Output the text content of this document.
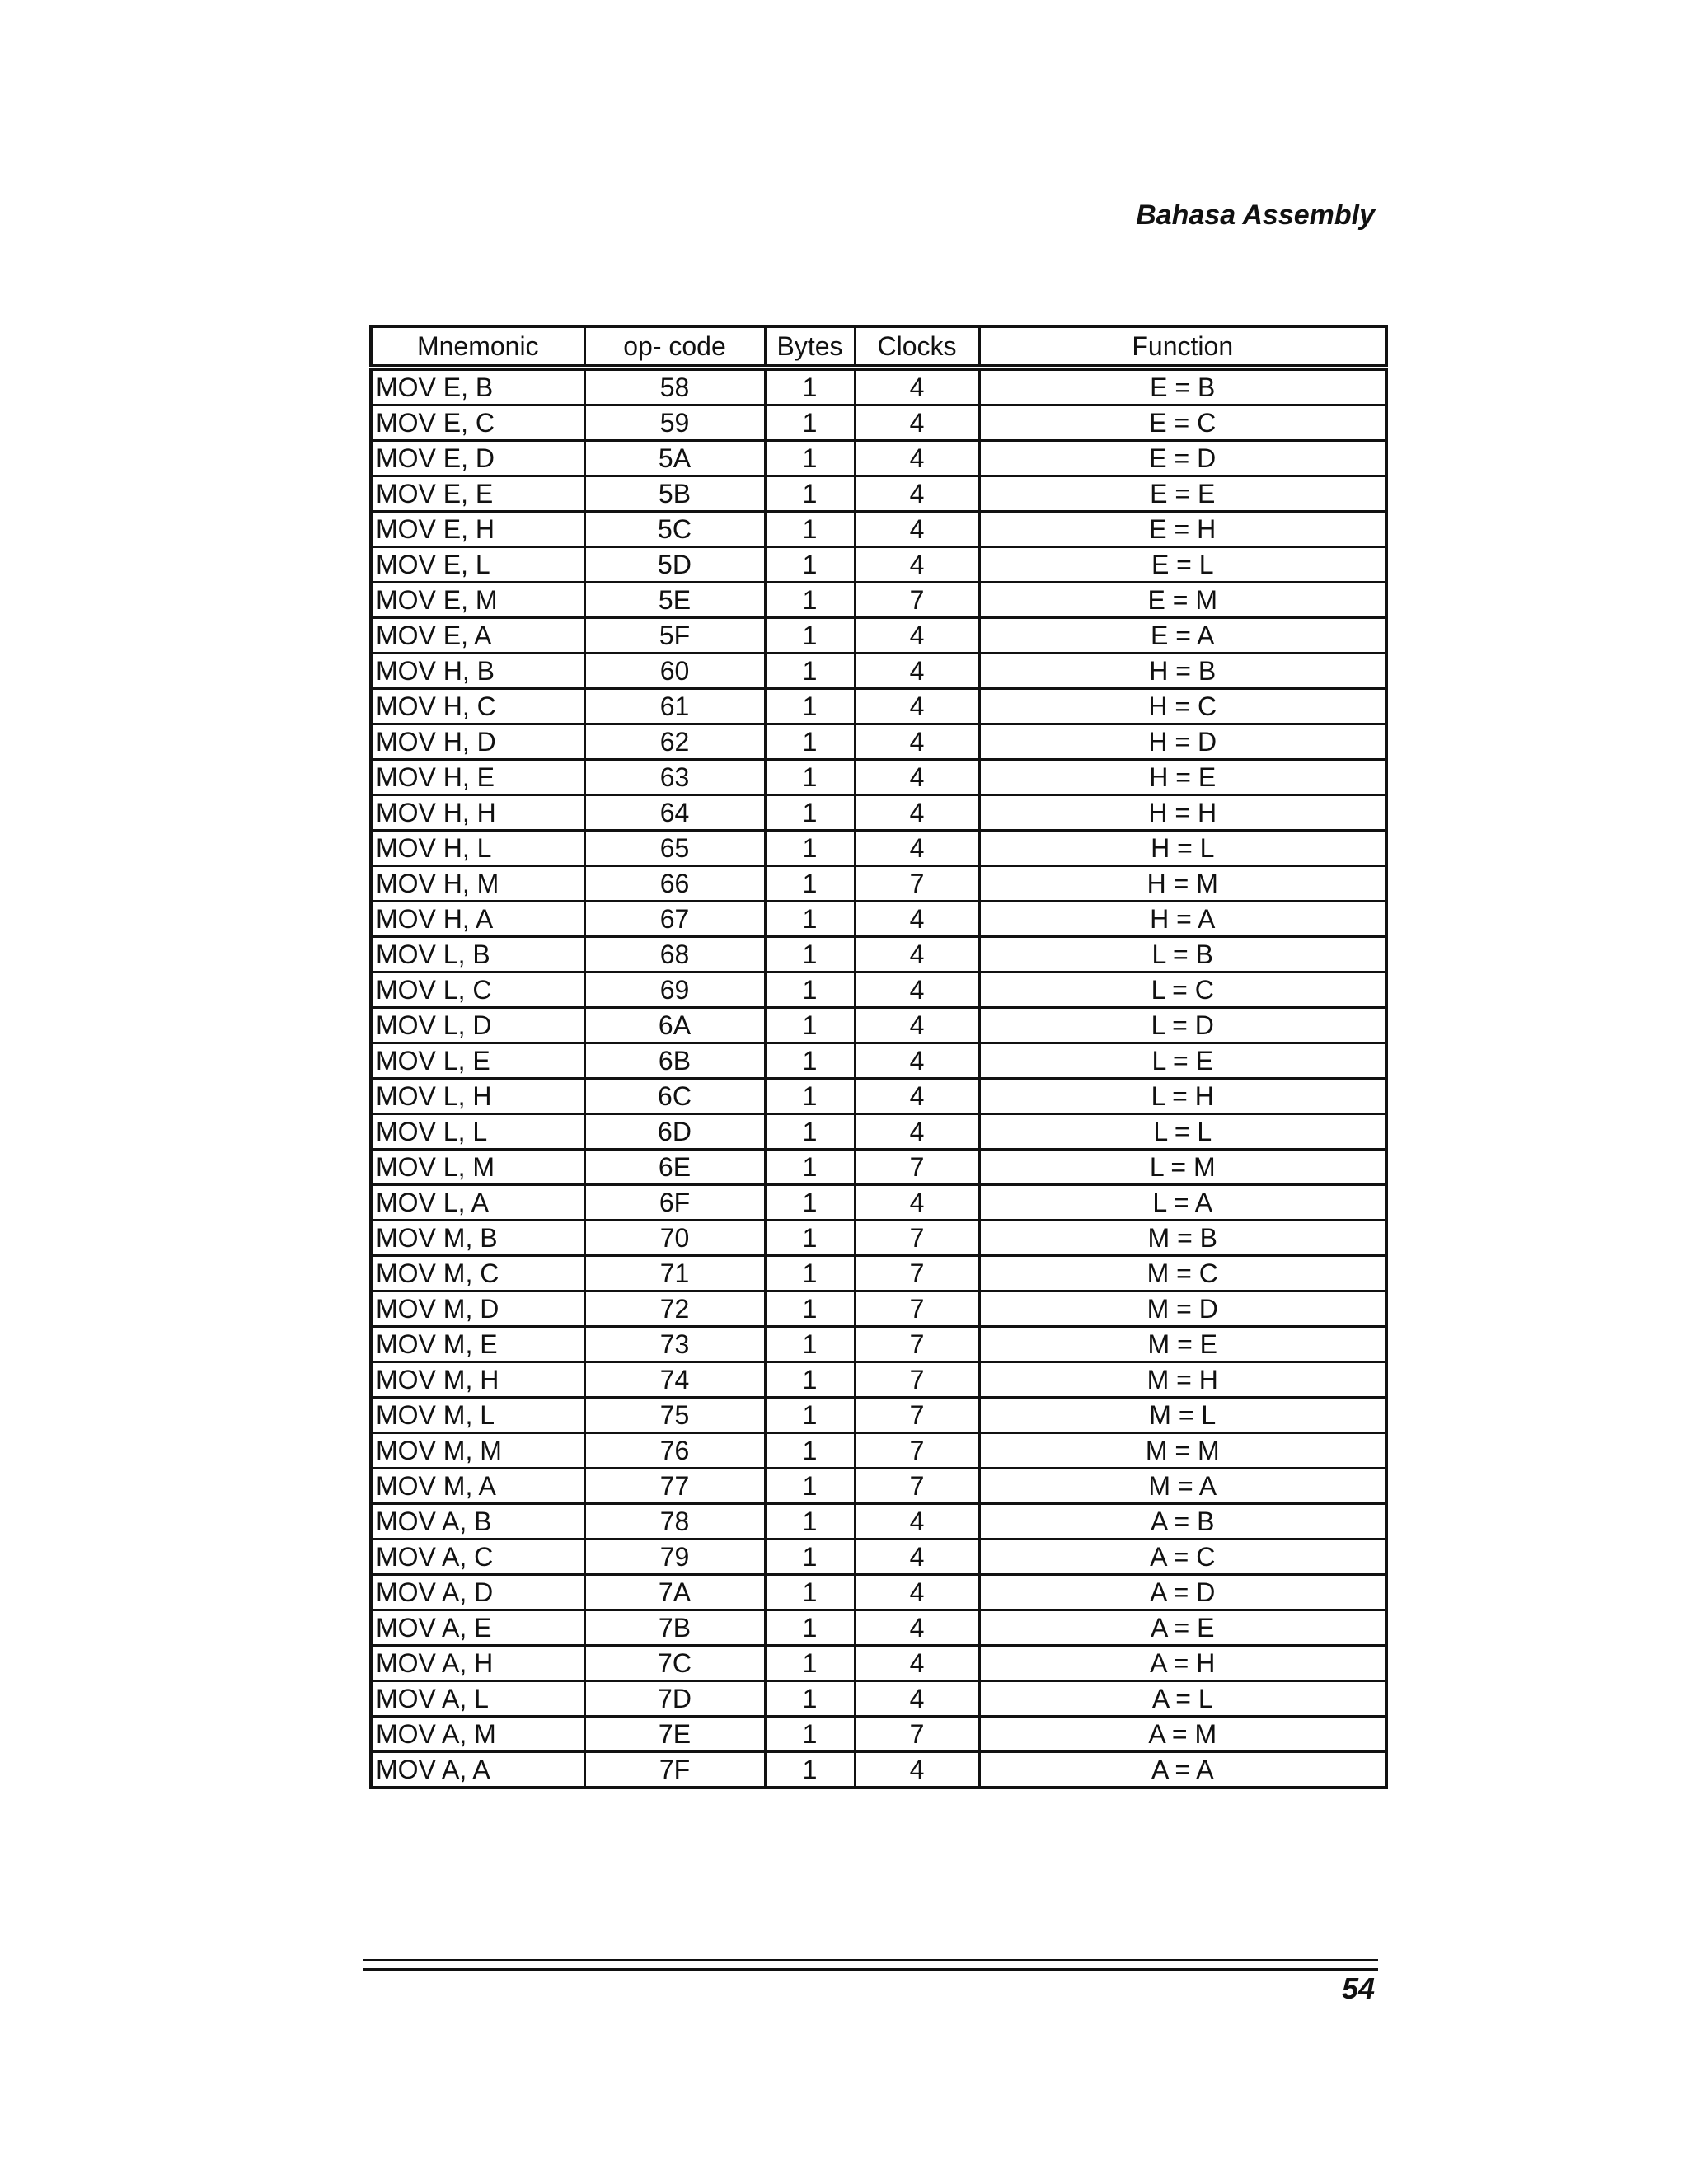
Bahasa Assembly
Mnemonic	op- code	Bytes	Clocks	Function
MOV E, B	58	1	4	E = B
MOV E, C	59	1	4	E = C
MOV E, D	5A	1	4	E = D
MOV E, E	5B	1	4	E = E
MOV E, H	5C	1	4	E = H
MOV E, L	5D	1	4	E = L
MOV E, M	5E	1	7	E = M
MOV E, A	5F	1	4	E = A
MOV H, B	60	1	4	H = B
MOV H, C	61	1	4	H = C
MOV H, D	62	1	4	H = D
MOV H, E	63	1	4	H = E
MOV H, H	64	1	4	H = H
MOV H, L	65	1	4	H = L
MOV H, M	66	1	7	H = M
MOV H, A	67	1	4	H = A
MOV L, B	68	1	4	L = B
MOV L, C	69	1	4	L = C
MOV L, D	6A	1	4	L = D
MOV L, E	6B	1	4	L = E
MOV L, H	6C	1	4	L = H
MOV L, L	6D	1	4	L = L
MOV L, M	6E	1	7	L = M
MOV L, A	6F	1	4	L = A
MOV M, B	70	1	7	M = B
MOV M, C	71	1	7	M = C
MOV M, D	72	1	7	M = D
MOV M, E	73	1	7	M = E
MOV M, H	74	1	7	M = H
MOV M, L	75	1	7	M = L
MOV M, M	76	1	7	M = M
MOV M, A	77	1	7	M = A
MOV A, B	78	1	4	A = B
MOV A, C	79	1	4	A = C
MOV A, D	7A	1	4	A = D
MOV A, E	7B	1	4	A = E
MOV A, H	7C	1	4	A = H
MOV A, L	7D	1	4	A = L
MOV A, M	7E	1	7	A = M
MOV A, A	7F	1	4	A = A
54
